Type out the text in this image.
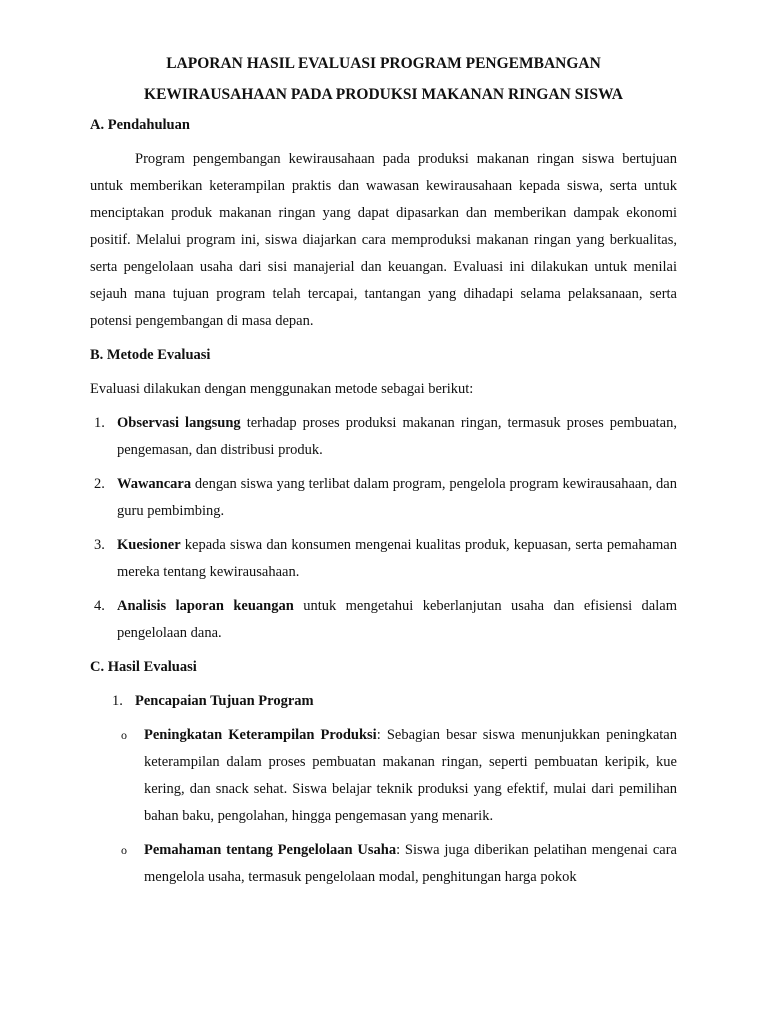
LAPORAN HASIL EVALUASI PROGRAM PENGEMBANGAN
KEWIRAUSAHAAN PADA PRODUKSI MAKANAN RINGAN SISWA
A. Pendahuluan

Program pengembangan kewirausahaan pada produksi makanan ringan siswa bertujuan untuk memberikan keterampilan praktis dan wawasan kewirausahaan kepada siswa, serta untuk menciptakan produk makanan ringan yang dapat dipasarkan dan memberikan dampak ekonomi positif. Melalui program ini, siswa diajarkan cara memproduksi makanan ringan yang berkualitas, serta pengelolaan usaha dari sisi manajerial dan keuangan. Evaluasi ini dilakukan untuk menilai sejauh mana tujuan program telah tercapai, tantangan yang dihadapi selama pelaksanaan, serta potensi pengembangan di masa depan.

B. Metode Evaluasi

Evaluasi dilakukan dengan menggunakan metode sebagai berikut:

1. Observasi langsung terhadap proses produksi makanan ringan, termasuk proses pembuatan, pengemasan, dan distribusi produk.
2. Wawancara dengan siswa yang terlibat dalam program, pengelola program kewirausahaan, dan guru pembimbing.
3. Kuesioner kepada siswa dan konsumen mengenai kualitas produk, kepuasan, serta pemahaman mereka tentang kewirausahaan.
4. Analisis laporan keuangan untuk mengetahui keberlanjutan usaha dan efisiensi dalam pengelolaan dana.
C. Hasil Evaluasi
1. Pencapaian Tujuan Program
o Peningkatan Keterampilan Produksi: Sebagian besar siswa menunjukkan peningkatan keterampilan dalam proses pembuatan makanan ringan, seperti pembuatan keripik, kue kering, dan snack sehat. Siswa belajar teknik produksi yang efektif, mulai dari pemilihan bahan baku, pengolahan, hingga pengemasan yang menarik.
o Pemahaman tentang Pengelolaan Usaha: Siswa juga diberikan pelatihan mengenai cara mengelola usaha, termasuk pengelolaan modal, penghitungan harga pokok
